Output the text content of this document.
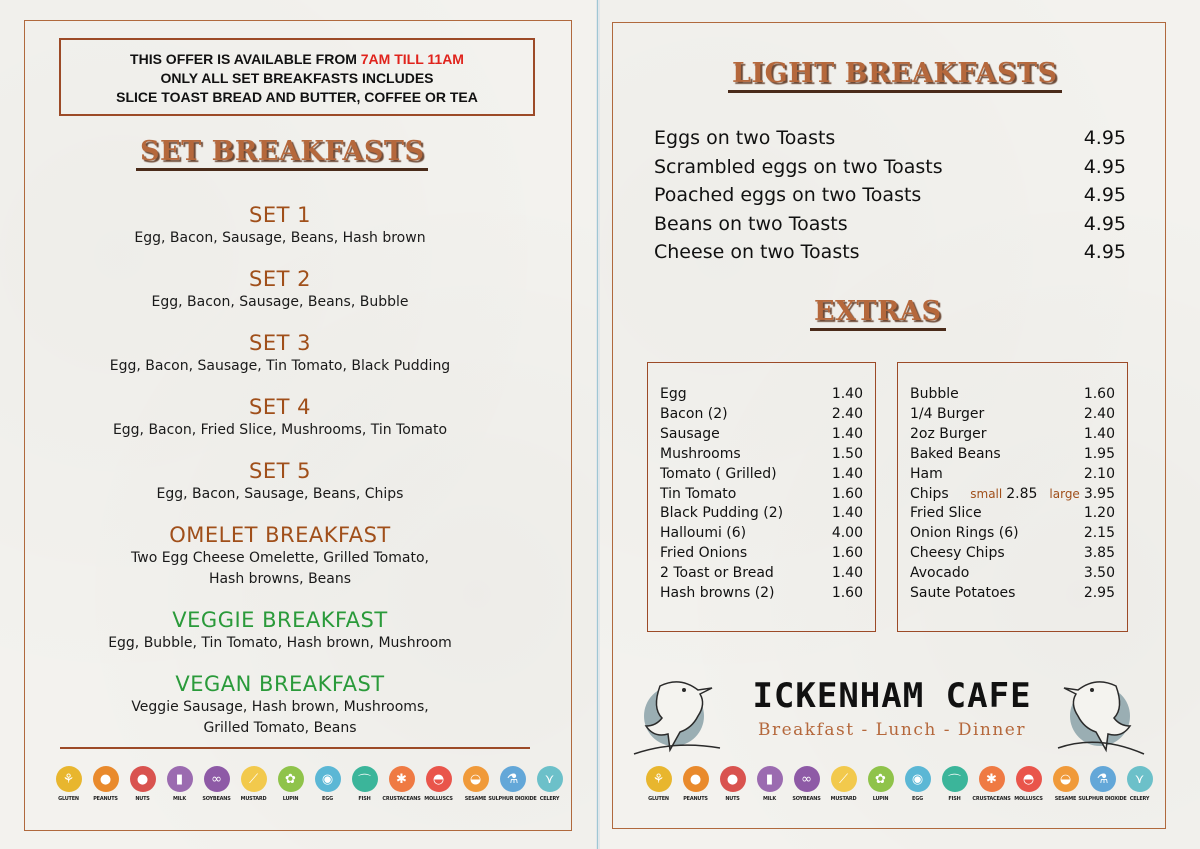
THIS OFFER IS AVAILABLE FROM 7AM TILL 11AM
ONLY ALL SET BREAKFASTS INCLUDES
SLICE TOAST BREAD AND BUTTER, COFFEE OR TEA
SET BREAKFASTS
SET 1
Egg, Bacon, Sausage, Beans, Hash brown
SET 2
Egg, Bacon, Sausage, Beans, Bubble
SET 3
Egg, Bacon, Sausage, Tin Tomato, Black Pudding
SET 4
Egg, Bacon, Fried Slice, Mushrooms, Tin Tomato
SET 5
Egg, Bacon, Sausage, Beans, Chips
OMELET BREAKFAST
Two Egg Cheese Omelette, Grilled Tomato,
Hash browns, Beans
VEGGIE BREAKFAST
Egg, Bubble, Tin Tomato, Hash brown, Mushroom
VEGAN BREAKFAST
Veggie Sausage, Hash brown, Mushrooms,
Grilled Tomato, Beans
⚘
GLUTEN
●
PEANUTS
●
NUTS
▮
MILK
∞
SOYBEANS
⟋
MUSTARD
✿
LUPIN
◉
EGG
⌒
FISH
✱
CRUSTACEANS
◓
MOLLUSCS
◒
SESAME
⚗
SULPHUR DIOXIDE
⋎
CELERY
LIGHT BREAKFASTS
Eggs on two Toasts	4.95
Scrambled eggs on two Toasts	4.95
Poached eggs on two Toasts	4.95
Beans on two Toasts	4.95
Cheese on two Toasts	4.95
EXTRAS
Egg	1.40
Bacon (2)	2.40
Sausage	1.40
Mushrooms	1.50
Tomato ( Grilled)	1.40
Tin Tomato	1.60
Black Pudding (2)	1.40
Halloumi (6)	4.00
Fried Onions	1.60
2 Toast or Bread	1.40
Hash browns (2)	1.60
Bubble	1.60
1/4 Burger	2.40
2oz Burger	1.40
Baked Beans	1.95
Ham	2.10
Chips small 2.85 large 3.95
Fried Slice	1.20
Onion Rings (6)	2.15
Cheesy Chips	3.85
Avocado	3.50
Saute Potatoes	2.95
ICKENHAM CAFE
Breakfast - Lunch - Dinner
⚘
GLUTEN
●
PEANUTS
●
NUTS
▮
MILK
∞
SOYBEANS
⟋
MUSTARD
✿
LUPIN
◉
EGG
⌒
FISH
✱
CRUSTACEANS
◓
MOLLUSCS
◒
SESAME
⚗
SULPHUR DIOXIDE
⋎
CELERY
